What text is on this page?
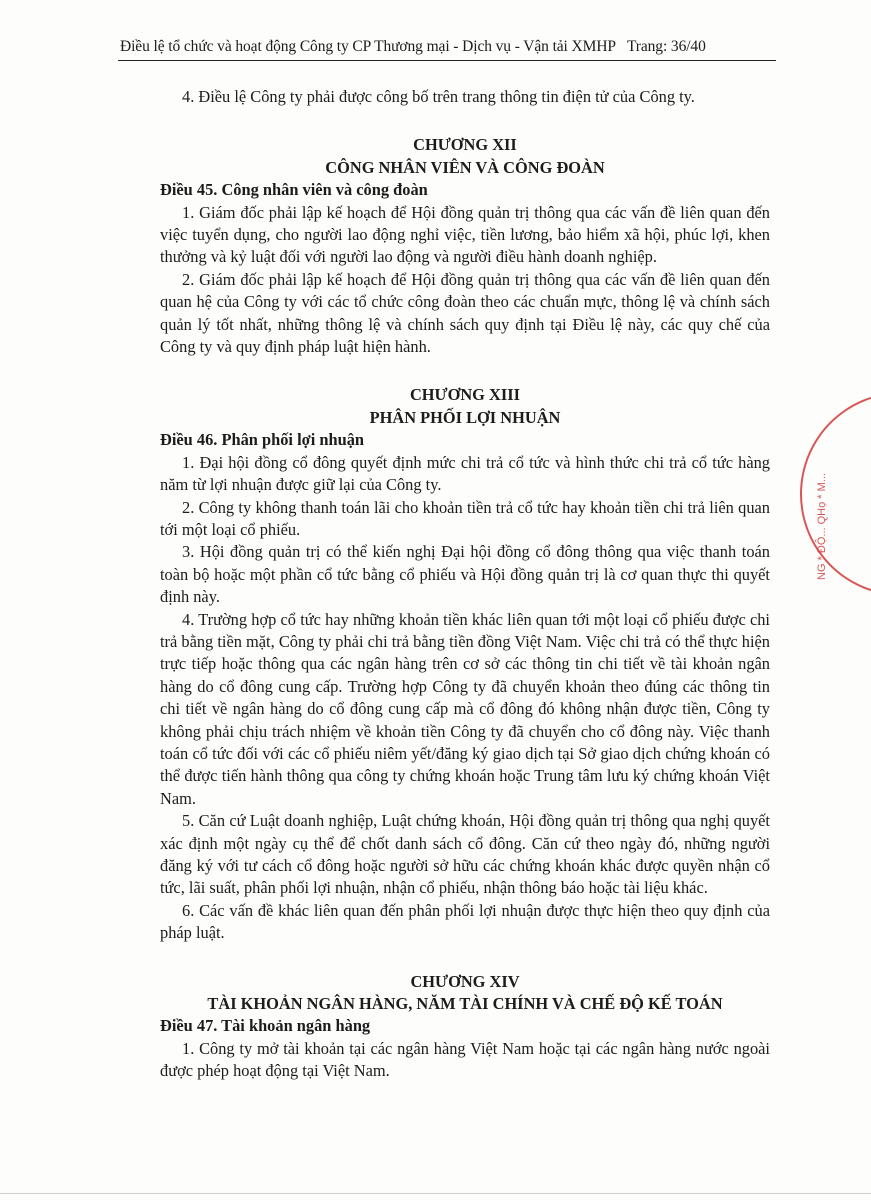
Điều lệ tổ chức và hoạt động Công ty CP Thương mại - Dịch vụ - Vận tải XMHP Trang: 36/40

4. Điều lệ Công ty phải được công bố trên trang thông tin điện tử của Công ty.

CHƯƠNG XII

CÔNG NHÂN VIÊN VÀ CÔNG ĐOÀN

Điều 45. Công nhân viên và công đoàn

1. Giám đốc phải lập kế hoạch để Hội đồng quản trị thông qua các vấn đề liên quan đến việc tuyển dụng, cho người lao động nghỉ việc, tiền lương, bảo hiểm xã hội, phúc lợi, khen thưởng và kỷ luật đối với người lao động và người điều hành doanh nghiệp.

2. Giám đốc phải lập kế hoạch để Hội đồng quản trị thông qua các vấn đề liên quan đến quan hệ của Công ty với các tổ chức công đoàn theo các chuẩn mực, thông lệ và chính sách quản lý tốt nhất, những thông lệ và chính sách quy định tại Điều lệ này, các quy chế của Công ty và quy định pháp luật hiện hành.

CHƯƠNG XIII

PHÂN PHỐI LỢI NHUẬN

Điều 46. Phân phối lợi nhuận

1. Đại hội đồng cổ đông quyết định mức chi trả cổ tức và hình thức chi trả cổ tức hàng năm từ lợi nhuận được giữ lại của Công ty.

2. Công ty không thanh toán lãi cho khoản tiền trả cổ tức hay khoản tiền chi trả liên quan tới một loại cổ phiếu.

3. Hội đồng quản trị có thể kiến nghị Đại hội đồng cổ đông thông qua việc thanh toán toàn bộ hoặc một phần cổ tức bằng cổ phiếu và Hội đồng quản trị là cơ quan thực thi quyết định này.

4. Trường hợp cổ tức hay những khoản tiền khác liên quan tới một loại cổ phiếu được chi trả bằng tiền mặt, Công ty phải chi trả bằng tiền đồng Việt Nam. Việc chi trả có thể thực hiện trực tiếp hoặc thông qua các ngân hàng trên cơ sở các thông tin chi tiết về tài khoản ngân hàng do cổ đông cung cấp. Trường hợp Công ty đã chuyển khoản theo đúng các thông tin chi tiết về ngân hàng do cổ đông cung cấp mà cổ đông đó không nhận được tiền, Công ty không phải chịu trách nhiệm về khoản tiền Công ty đã chuyển cho cổ đông này. Việc thanh toán cổ tức đối với các cổ phiếu niêm yết/đăng ký giao dịch tại Sở giao dịch chứng khoán có thể được tiến hành thông qua công ty chứng khoán hoặc Trung tâm lưu ký chứng khoán Việt Nam.

5. Căn cứ Luật doanh nghiệp, Luật chứng khoán, Hội đồng quản trị thông qua nghị quyết xác định một ngày cụ thể để chốt danh sách cổ đông. Căn cứ theo ngày đó, những người đăng ký với tư cách cổ đông hoặc người sở hữu các chứng khoán khác được quyền nhận cổ tức, lãi suất, phân phối lợi nhuận, nhận cổ phiếu, nhận thông báo hoặc tài liệu khác.

6. Các vấn đề khác liên quan đến phân phối lợi nhuận được thực hiện theo quy định của pháp luật.

CHƯƠNG XIV

TÀI KHOẢN NGÂN HÀNG, NĂM TÀI CHÍNH VÀ CHẾ ĐỘ KẾ TOÁN

Điều 47. Tài khoản ngân hàng

1. Công ty mở tài khoản tại các ngân hàng Việt Nam hoặc tại các ngân hàng nước ngoài được phép hoạt động tại Việt Nam.

NG * ĐỘ... QHọ * M...
